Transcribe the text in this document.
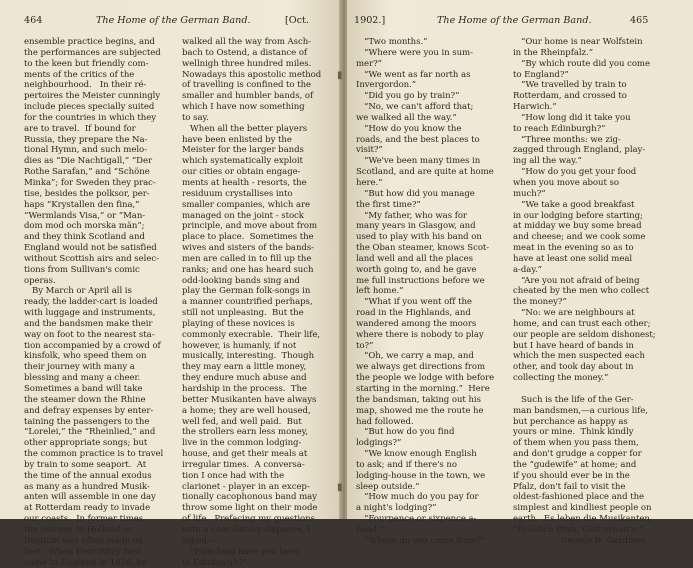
464	The Home of the German Band.	[Oct.
ensemble practice begins, and
the performances are subjected
to the keen but friendly com-
ments of the critics of the
neighbourhood.   In their ré-
pertoires the Meister cunningly
include pieces specially suited
for the countries in which they
are to travel.  If bound for
Russia, they prepare the Na-
tional Hymn, and such melo-
dies as “Die Nachtigall,” “Der
Rothe Sarafan,” and “Schöne
Minka”; for Sweden they prac-
tise, besides the polksor, per-
haps “Krystallen den fina,”
“Wermlands Visa,” or “Man-
dom mod och morska män”;
and they think Scotland and
England would not be satisfied
without Scottish airs and selec-
tions from Sullivan's comic
operas.
By March or April all is
ready, the ladder-cart is loaded
with luggage and instruments,
and the bandsmen make their
way on foot to the nearest sta-
tion accompanied by a crowd of
kinsfolk, who speed them on
their journey with many a
blessing and many a cheer.
Sometimes a band will take
the steamer down the Rhine
and defray expenses by enter-
taining the passengers to the
“Lorelei,” the “Rheinlied,” and
other appropriate songs; but
the common practice is to travel
by train to some seaport.  At
the time of the annual exodus
as many as a hundred Musik-
anten will assemble in one day
at Rotterdam ready to invade
our coasts.  In former times
the journey to Holland or
Belgium was often made on
foot.  When Herr Ritzy first
came to England in 1856, he
walked all the way from Asch-
bach to Ostend, a distance of
wellnigh three hundred miles.
Nowadays this apostolic method
of travelling is confined to the
smaller and humbler bands, of
which I have now something
to say.
When all the better players
have been enlisted by the
Meister for the larger bands
which systematically exploit
our cities or obtain engage-
ments at health - resorts, the
residuum crystallises into
smaller companies, which are
managed on the joint - stock
principle, and move about from
place to place.  Sometimes the
wives and sisters of the bands-
men are called in to fill up the
ranks; and one has heard such
odd-looking bands sing and
play the German folk-songs in
a manner countrified perhaps,
still not unpleasing.  But the
playing of these novices is
commonly execrable.  Their life,
however, is humanly, if not
musically, interesting.  Though
they may earn a little money,
they endure much abuse and
hardship in the process.  The
better Musikanten have always
a home; they are well housed,
well fed, and well paid.  But
the strollers earn less money,
live in the common lodging-
house, and get their meals at
irregular times.  A conversa-
tion I once had with the
clarionet - player in an excep-
tionally cacophonous band may
throw some light on their mode
of life.  Prefacing my questions
with a conciliatory sixpence, I
asked—
“How long have you been
in Edinburgh?”
1902.]	The Home of the German Band.	465
“Two months.”
“Where were you in sum-
mer?”
“We went as far north as
Invergordon.”
“Did you go by train?”
“No, we can't afford that;
we walked all the way.”
“How do you know the
roads, and the best places to
visit?”
“We've been many times in
Scotland, and are quite at home
here.”
“But how did you manage
the first time?”
“My father, who was for
many years in Glasgow, and
used to play with his band on
the Oban steamer, knows Scot-
land well and all the places
worth going to, and he gave
me full instructions before we
left home.”
“What if you went off the
road in the Highlands, and
wandered among the moors
where there is nobody to play
to?”
“Oh, we carry a map, and
we always get directions from
the people we lodge with before
starting in the morning.”  Here
the bandsman, taking out his
map, showed me the route he
had followed.
“But how do you find
lodgings?”
“We know enough English
to ask; and if there's no
lodging-house in the town, we
sleep outside.”
“How much do you pay for
a night's lodging?”
“Fourpence or sixpence a-
head.”
“Where do you come from?”
“Our home is near Wolfstein
in the Rheinpfalz.”
“By which route did you come
to England?”
“We travelled by train to
Rotterdam, and crossed to
Harwich.”
“How long did it take you
to reach Edinburgh?”
“Three months: we zig-
zagged through England, play-
ing all the way.”
“How do you get your food
when you move about so
much?”
“We take a good breakfast
in our lodging before starting;
at midday we buy some bread
and cheese; and we cook some
meat in the evening so as to
have at least one solid meal
a-day.”
“Are you not afraid of being
cheated by the men who collect
the money?”
“No: we are neighbours at
home, and can trust each other;
our people are seldom dishonest;
but I have heard of bands in
which the men suspected each
other, and took day about in
collecting the money.”
Such is the life of the Ger-
man bandsmen,—a curious life,
but perchance as happy as
yours or mine.  Think kindly
of them when you pass them,
and don't grudge a copper for
the “gudewife” at home; and
if you should ever be in the
Pfalz, don't fail to visit the
oldest-fashioned place and the
simplest and kindliest people on
earth.  Es leben die Musikanten.
“Fröhlich Pfalz, Gott erhalt's.”
George B. Gardiner.
▮
▮
